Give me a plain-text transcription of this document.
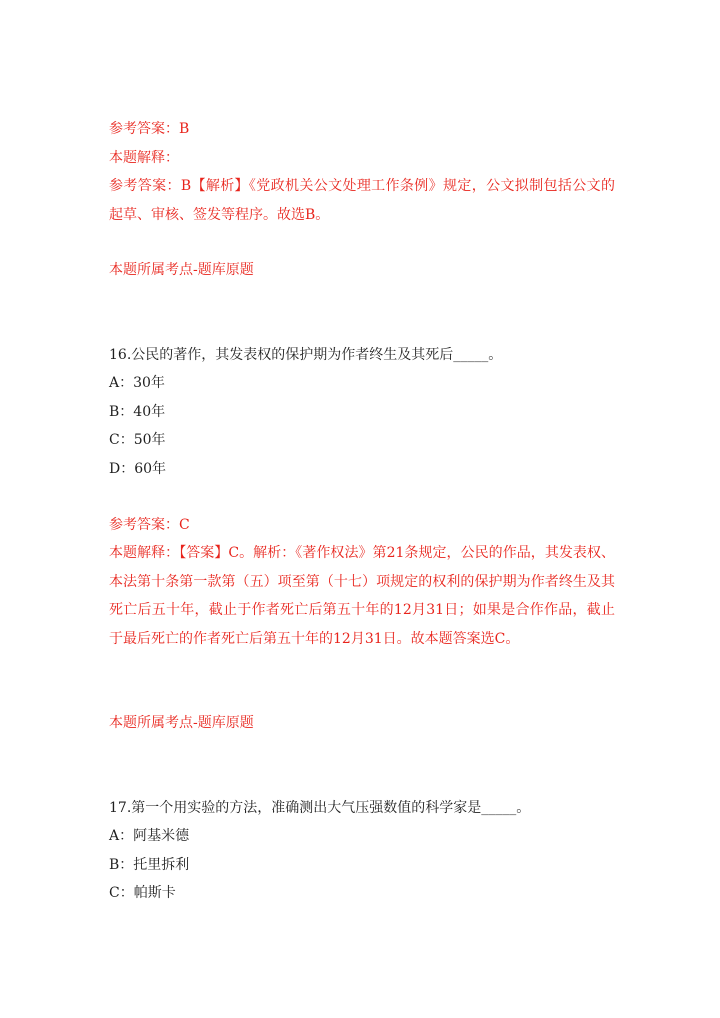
参考答案：B
本题解释：
参考答案：B【解析】《党政机关公文处理工作条例》规定，公文拟制包括公文的起草、审核、签发等程序。故选B。
本题所属考点-题库原题
16.公民的著作，其发表权的保护期为作者终生及其死后_____。
A：30年
B：40年
C：50年
D：60年
参考答案：C
本题解释：【答案】C。解析：《著作权法》第21条规定，公民的作品，其发表权、本法第十条第一款第（五）项至第（十七）项规定的权利的保护期为作者终生及其死亡后五十年，截止于作者死亡后第五十年的12月31日；如果是合作作品，截止于最后死亡的作者死亡后第五十年的12月31日。故本题答案选C。
本题所属考点-题库原题
17.第一个用实验的方法，准确测出大气压强数值的科学家是_____。
A：阿基米德
B：托里拆利
C：帕斯卡
